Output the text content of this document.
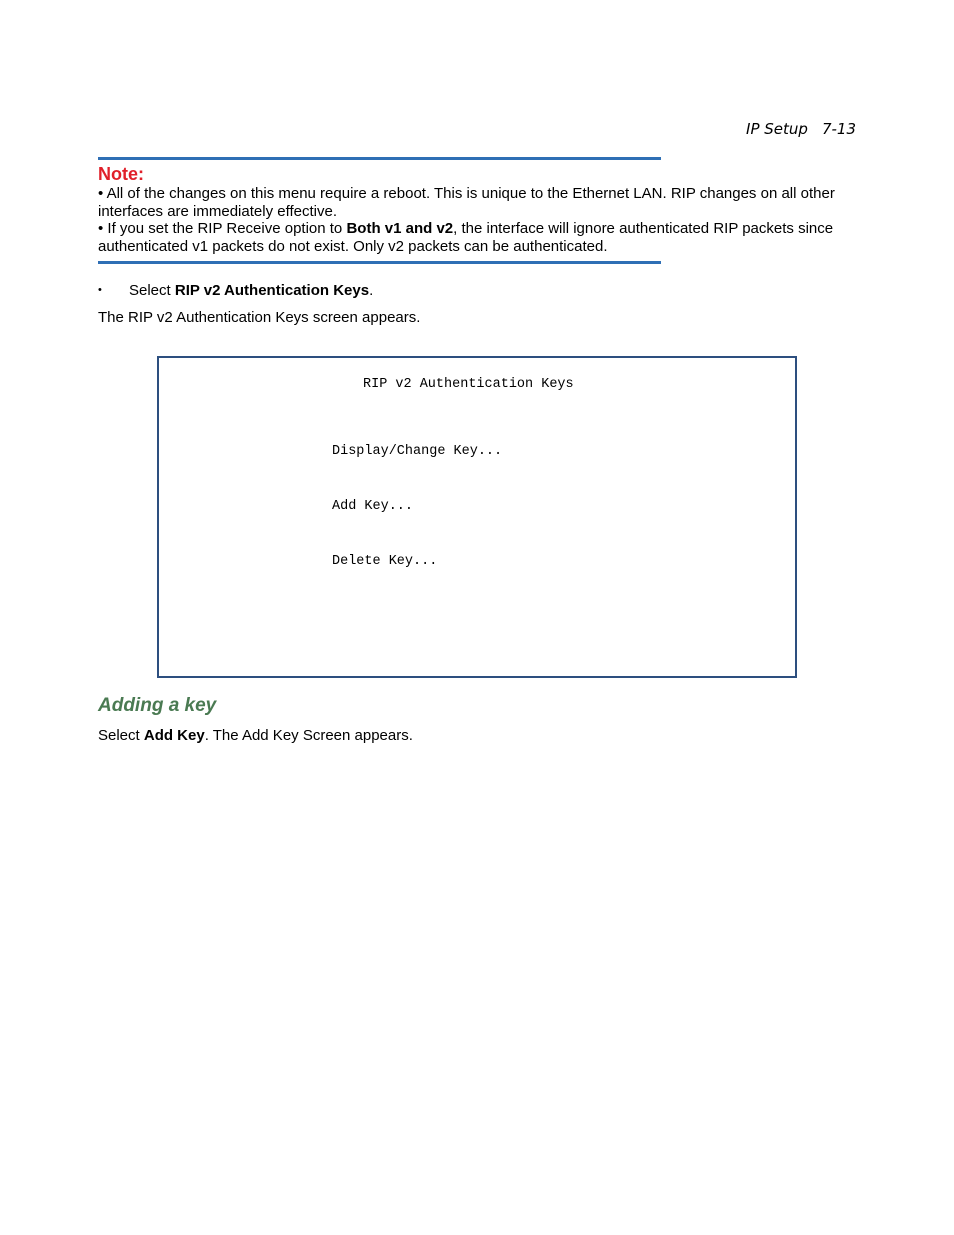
IP Setup 7-13
Note:

• All of the changes on this menu require a reboot. This is unique to the Ethernet LAN. RIP changes on all other interfaces are immediately effective.

• If you set the RIP Receive option to Both v1 and v2, the interface will ignore authenticated RIP packets since authenticated v1 packets do not exist. Only v2 packets can be authenticated.

• Select RIP v2 Authentication Keys.
The RIP v2 Authentication Keys screen appears.
RIP v2 Authentication Keys

Display/Change Key...

Add Key...

Delete Key...

Adding a key
Select Add Key. The Add Key Screen appears.
